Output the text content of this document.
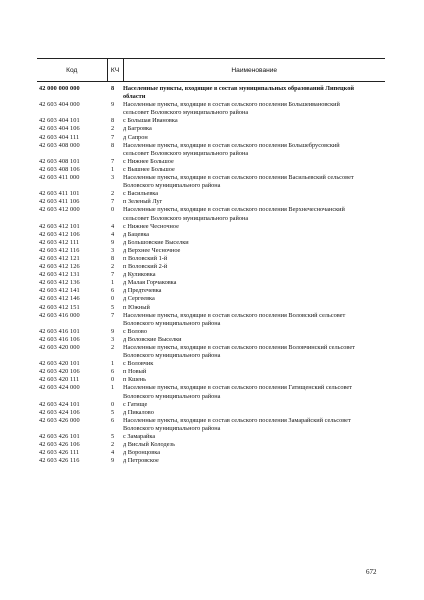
Код	КЧ	Наименование
42 000 000 000	8	Населенные пункты, входящие в состав муниципальных образований Липецкой области
42 603 404 000	9	Населенные пункты, входящие в состав сельского поселения Большеивановский сельсовет Воловского муниципального района
42 603 404 101	8	с Большая Ивановка
42 603 404 106	2	д Багровка
42 603 404 111	7	д Сапрон
42 603 408 000	8	Населенные пункты, входящие в состав сельского поселения Большебрусовский сельсовет Воловского муниципального района
42 603 408 101	7	с Нижнее Большое
42 603 408 106	1	с Вышнее Большое
42 603 411 000	3	Населенные пункты, входящие в состав сельского поселения Васильевский сельсовет Воловского муниципального района
42 603 411 101	2	с Васильевка
42 603 411 106	7	п Зеленый Луг
42 603 412 000	0	Населенные пункты, входящие в состав сельского поселения Верхнечесночанский сельсовет Воловского муниципального района
42 603 412 101	4	с Нижнее Чесночное
42 603 412 106	4	д Бацевка
42 603 412 111	9	д Большовские Выселки
42 603 412 116	3	д Верхнее Чесночное
42 603 412 121	8	п Воловский 1-й
42 603 412 126	2	п Воловский 2-й
42 603 412 131	7	д Куликовка
42 603 412 136	1	д Малая Горчаковка
42 603 412 141	6	д Предтечевка
42 603 412 146	0	д Сергеевка
42 603 412 151	5	п Южный
42 603 416 000	7	Населенные пункты, входящие в состав сельского поселения Воловский сельсовет Воловского муниципального района
42 603 416 101	9	с Волово
42 603 416 106	3	д Воловские Выселки
42 603 420 000	2	Населенные пункты, входящие в состав сельского поселения Воловчинский сельсовет Воловского муниципального района
42 603 420 101	1	с Воловчик
42 603 420 106	6	п Новый
42 603 420 111	0	п Кшень
42 603 424 000	1	Населенные пункты, входящие в состав сельского поселения Гатищенский сельсовет Воловского муниципального района
42 603 424 101	0	с Гатище
42 603 424 106	5	д Пикалово
42 603 426 000	6	Населенные пункты, входящие в состав сельского поселения Замарайский сельсовет Воловского муниципального района
42 603 426 101	5	с Замарайка
42 603 426 106	2	д Вислый Колодезь
42 603 426 111	4	д Воронцовка
42 603 426 116	9	д Петровское
672
